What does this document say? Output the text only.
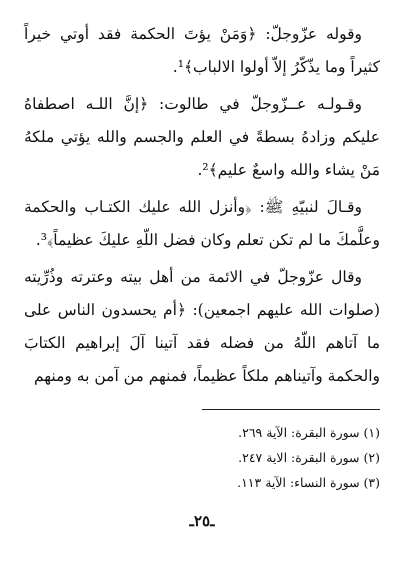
وقوله عزّوجلّ: ﴿وَمَنْ يؤتَ الحكمة فقد أوتي خيراً كثيراً وما يذّكّرُ إلاّ أولوا الالباب﴾¹.

وقـولـه عــزّوجلّ في طالوت: ﴿إنَّ اللـه اصطفاهُ عليكم وزادهُ بسطةً في العلم والجسم والله يؤتي ملكهُ مَنْ يشاء والله واسعٌ عليم﴾².

وقـالَ لنبيّهِ ﷺ: ﴿وأنزل الله عليك الكتـاب والحكمة وعلَّمكَ ما لم تكن تعلم وكان فضل اللّهِ عليكَ عظيماً﴾³.

وقال عزّوجلّ في الائمة من أهل بيته وعترته وذُرِّيته (صلوات الله عليهم اجمعين): ﴿أم يحسدون الناس على ما آتاهم اللّهُ من فضله فقد آتينا آلَ إبراهيم الكتابَ والحكمة وآتيناهم ملكاً عظيماً، فمنهم من آمن به ومنهم

(١) سورة البقرة: الآية ٢٦٩.

(٢) سورة البقرة: الاية ٢٤٧.

(٣) سورة النساء: الآية ١١٣.

ـ٢٥ـ
